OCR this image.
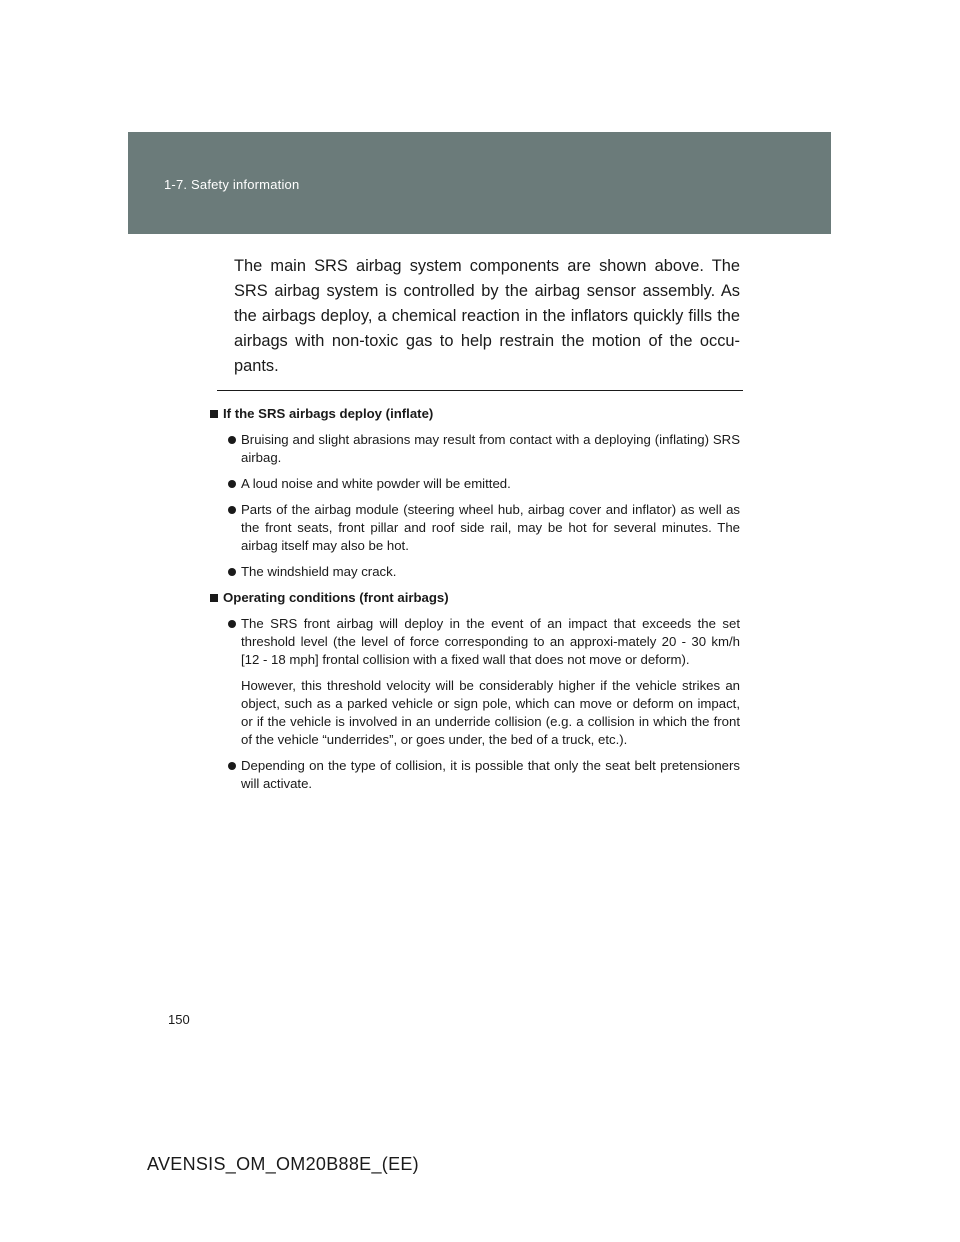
1-7. Safety information

The main SRS airbag system components are shown above. The SRS airbag system is controlled by the airbag sensor assembly. As the airbags deploy, a chemical reaction in the inflators quickly fills the airbags with non-toxic gas to help restrain the motion of the occu-pants.

If the SRS airbags deploy (inflate)
Bruising and slight abrasions may result from contact with a deploying (inflating) SRS airbag.
A loud noise and white powder will be emitted.
Parts of the airbag module (steering wheel hub, airbag cover and inflator) as well as the front seats, front pillar and roof side rail, may be hot for several minutes. The airbag itself may also be hot.
The windshield may crack.
Operating conditions (front airbags)
The SRS front airbag will deploy in the event of an impact that exceeds the set threshold level (the level of force corresponding to an approxi-mately 20 - 30 km/h [12 - 18 mph] frontal collision with a fixed wall that does not move or deform).
However, this threshold velocity will be considerably higher if the vehicle strikes an object, such as a parked vehicle or sign pole, which can move or deform on impact, or if the vehicle is involved in an underride collision (e.g. a collision in which the front of the vehicle “underrides”, or goes under, the bed of a truck, etc.).
Depending on the type of collision, it is possible that only the seat belt pretensioners will activate.
150
AVENSIS_OM_OM20B88E_(EE)
